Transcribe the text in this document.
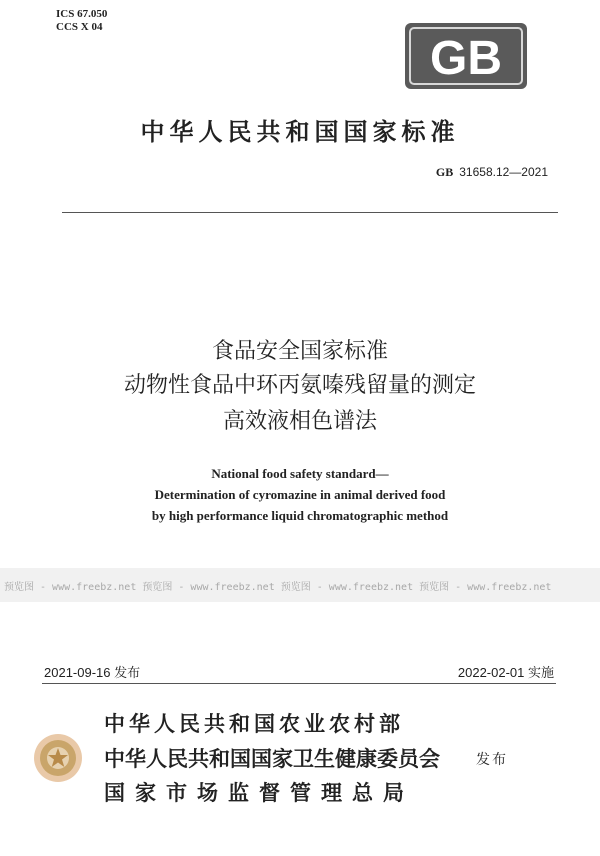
ICS 67.050
CCS X 04
GB
中华人民共和国国家标准
GB 31658.12—2021
食品安全国家标准
动物性食品中环丙氨嗪残留量的测定
高效液相色谱法
National food safety standard—
Determination of cyromazine in animal derived food
by high performance liquid chromatographic method
预览图 - www.freebz.net 预览图 - www.freebz.net 预览图 - www.freebz.net 预览图 - www.freebz.net
2021-09-16 发布	2022-02-01 实施
中华人民共和国农业农村部
中华人民共和国国家卫生健康委员会
国家市场监督管理总局
发布
